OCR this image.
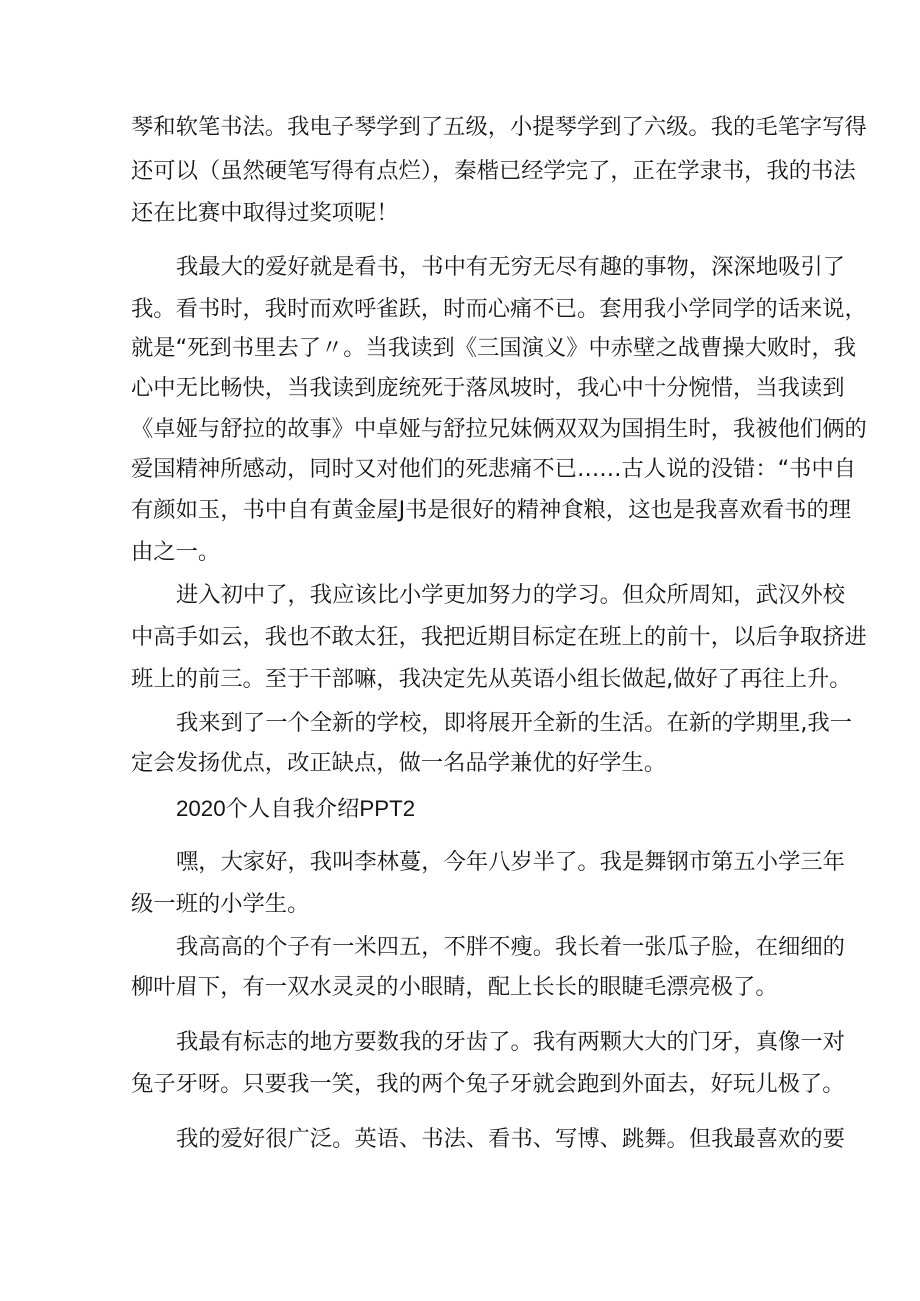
琴和软笔书法。我电子琴学到了五级，小提琴学到了六级。我的毛笔字写得
还可以（虽然硬笔写得有点烂），秦楷已经学完了，正在学隶书，我的书法
还在比赛中取得过奖项呢！
我最大的爱好就是看书，书中有无穷无尽有趣的事物，深深地吸引了
我。看书时，我时而欢呼雀跃，时而心痛不已。套用我小学同学的话来说，
就是“死到书里去了〃。当我读到《三国演义》中赤壁之战曹操大败时，我
心中无比畅快，当我读到庞统死于落凤坡时，我心中十分惋惜，当我读到
《卓娅与舒拉的故事》中卓娅与舒拉兄妹俩双双为国捐生时，我被他们俩的
爱国精神所感动，同时又对他们的死悲痛不已……古人说的没错：“书中自
有颜如玉，书中自有黄金屋J书是很好的精神食粮，这也是我喜欢看书的理
由之一。
进入初中了，我应该比小学更加努力的学习。但众所周知，武汉外校
中高手如云，我也不敢太狂，我把近期目标定在班上的前十，以后争取挤进
班上的前三。至于干部嘛，我决定先从英语小组长做起,做好了再往上升。
我来到了一个全新的学校，即将展开全新的生活。在新的学期里,我一
定会发扬优点，改正缺点，做一名品学兼优的好学生。
2020个人自我介绍PPT2
嘿，大家好，我叫李林蔓，今年八岁半了。我是舞钢市第五小学三年
级一班的小学生。
我高高的个子有一米四五，不胖不瘦。我长着一张瓜子脸，在细细的
柳叶眉下，有一双水灵灵的小眼睛，配上长长的眼睫毛漂亮极了。
我最有标志的地方要数我的牙齿了。我有两颗大大的门牙，真像一对
兔子牙呀。只要我一笑，我的两个兔子牙就会跑到外面去，好玩儿极了。
我的爱好很广泛。英语、书法、看书、写博、跳舞。但我最喜欢的要
